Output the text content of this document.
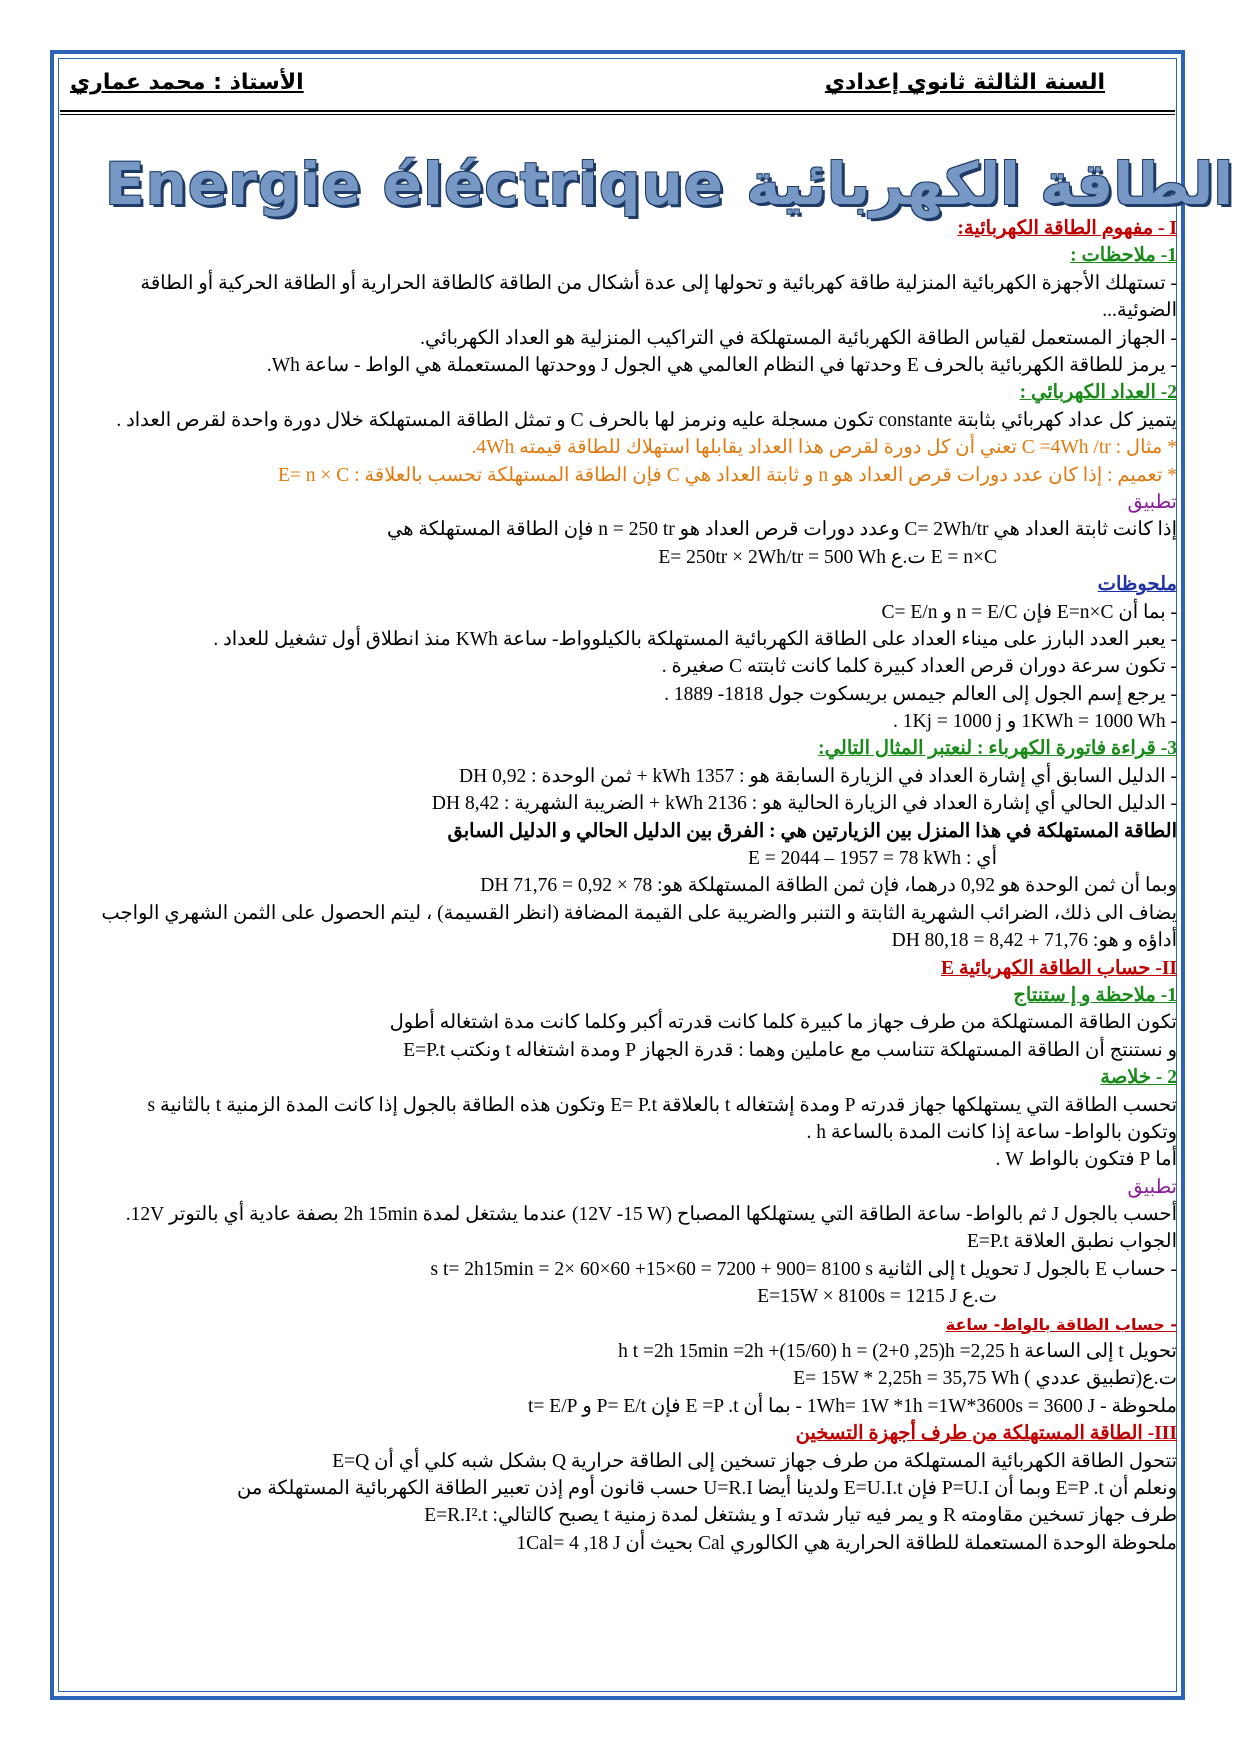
السنة الثالثة ثانوي إعدادي
الأستاذ : محمد عماري
Energie éléctrique الطاقة الكهربائية
I - مفهوم الطاقة الكهربائية:
1- ملاحظات :
- تستهلك الأجهزة الكهربائية المنزلية طاقة كهربائية و تحولها إلى عدة أشكال من الطاقة كالطاقة الحرارية أو الطاقة الحركية أو الطاقة الضوئية...
- الجهاز المستعمل لقياس الطاقة الكهربائية المستهلكة في التراكيب المنزلية هو العداد الكهربائي.
- يرمز للطاقة الكهربائية بالحرف E وحدتها في النظام العالمي هي الجول J ووحدتها المستعملة هي الواط - ساعة Wh.
2- العداد الكهربائي :
يتميز كل عداد كهربائي بثابتة constante تكون مسجلة عليه ونرمز لها بالحرف C و تمثل الطاقة المستهلكة خلال دورة واحدة لقرص العداد .
* مثال : C =4Wh /tr تعني أن كل دورة لقرص هذا العداد يقابلها استهلاك للطاقة قيمته 4Wh.
* تعميم : إذا كان عدد دورات قرص العداد هو n و ثابتة العداد هي C فإن الطاقة المستهلكة تحسب بالعلاقة : E= n × C
تطبيق
إذا كانت ثابتة العداد هي C= 2Wh/tr وعدد دورات قرص العداد هو n = 250 tr فإن الطاقة المستهلكة هي
E = n×C ت.ع E= 250tr × 2Wh/tr = 500 Wh
ملحوظات
- بما أن E=n×C فإن n = E/C و C= E/n
- يعبر العدد البارز على ميناء العداد على الطاقة الكهربائية المستهلكة بالكيلوواط- ساعة KWh منذ انطلاق أول تشغيل للعداد .
- تكون سرعة دوران قرص العداد كبيرة كلما كانت ثابتته C صغيرة .
- يرجع إسم الجول إلى العالم جيمس بريسكوت جول 1818- 1889 .
- 1KWh = 1000 Wh و 1Kj = 1000 j .
3- قراءة فاتورة الكهرباء : لنعتبر المثال التالي:
- الدليل السابق أي إشارة العداد في الزيارة السابقة هو : 1357 kWh + ثمن الوحدة : 0,92 DH
- الدليل الحالي أي إشارة العداد في الزيارة الحالية هو : 2136 kWh + الضريبة الشهرية : 8,42 DH
الطاقة المستهلكة في هذا المنزل بين الزيارتين هي : الفرق بين الدليل الحالي و الدليل السابق
أي : E = 2044 – 1957 = 78 kWh
وبما أن ثمن الوحدة هو 0,92 درهما، فإن ثمن الطاقة المستهلكة هو: 78 × 0,92 = 71,76 DH
يضاف الى ذلك، الضرائب الشهرية الثابتة و التنبر والضريبة على القيمة المضافة (انظر القسيمة) ، ليتم الحصول على الثمن الشهري الواجب
أداؤه و هو: 71,76 + 8,42 = 80,18 DH
II- حساب الطاقة الكهربائية E
1- ملاحظة و إ ستنتاج
تكون الطاقة المستهلكة من طرف جهاز ما كبيرة كلما كانت قدرته أكبر وكلما كانت مدة اشتغاله أطول
و نستنتج أن الطاقة المستهلكة تتناسب مع عاملين وهما : قدرة الجهاز P ومدة اشتغاله t ونكتب E=P.t
2 - خلاصة
تحسب الطاقة التي يستهلكها جهاز قدرته P ومدة إشتغاله t بالعلاقة E= P.t وتكون هذه الطاقة بالجول إذا كانت المدة الزمنية t بالثانية s
وتكون بالواط- ساعة إذا كانت المدة بالساعة h .
أما P فتكون بالواط W .
تطبيق
أحسب بالجول J ثم بالواط- ساعة الطاقة التي يستهلكها المصباح (12V -15 W) عندما يشتغل لمدة 2h 15min بصفة عادية أي بالتوتر 12V.
الجواب نطبق العلاقة E=P.t
- حساب E بالجول J تحويل t إلى الثانية s t= 2h15min = 2× 60×60 +15×60 = 7200 + 900= 8100 s
ت.ع E=15W × 8100s = 1215 J
- حساب الطاقة بالواط- ساعة
تحويل t إلى الساعة h t =2h 15min =2h +(15/60) h = (2+0 ,25)h =2,25 h
ت.ع(تطبيق عددي ) E= 15W * 2,25h = 35,75 Wh
ملحوظة - 1Wh= 1W *1h =1W*3600s = 3600 J - بما أن E =P .t فإن P= E/t و t= E/P
III- الطاقة المستهلكة من طرف أجهزة التسخين
تتحول الطاقة الكهربائية المستهلكة من طرف جهاز تسخين إلى الطاقة حرارية Q بشكل شبه كلي أي أن E=Q
ونعلم أن E=P .t وبما أن P=U.I فإن E=U.I.t ولدينا أيضا U=R.I حسب قانون أوم إذن تعبير الطاقة الكهربائية المستهلكة من
طرف جهاز تسخين مقاومته R و يمر فيه تيار شدته I و يشتغل لمدة زمنية t يصبح كالتالي: E=R.I².t
ملحوظة الوحدة المستعملة للطاقة الحرارية هي الكالوري Cal بحيث أن 1Cal= 4 ,18 J
